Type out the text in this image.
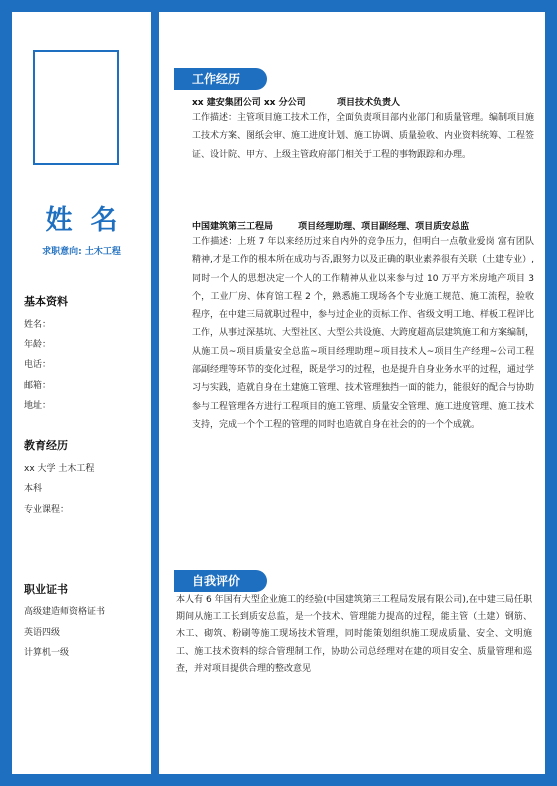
姓名
求职意向: 土木工程
基本资料
姓名：
年龄：
电话：
邮箱：
地址：
教育经历
xx 大学 土木工程
本科
专业课程：
职业证书
高级建造师资格证书
英语四级
计算机一级
工作经历
xx 建安集团公司 xx 分公司          项目技术负责人
工作描述：主管项目施工技术工作，全面负责项目部内业部门和质量管理。编制项目施工技术方案、图纸会审、施工进度计划、施工协调、质量验收、内业资料统筹、工程签证、设计院、甲方、上级主管政府部门相关于工程的事物跟踪和办理。
中国建筑第三工程局        项目经理助理、项目副经理、项目质安总监
工作描述：上班 7 年以来经历过来自内外的竞争压力，但明白一点敬业爱岗 富有团队精神,才是工作的根本所在成功与否,跟努力以及正确的职业素养很有关联（土建专业）,同时一个人的思想决定一个人的工作精神从业以来参与过 10 万平方米房地产项目 3 个，工业厂房、体育馆工程 2 个，熟悉施工现场各个专业施工规范、施工流程，验收程序，在中建三局就职过程中，参与过企业的贡标工作、省级文明工地、样板工程评比工作，从事过深基坑、大型社区、大型公共设施、大跨度超高层建筑施工和方案编制，从施工员~项目质量安全总监~项目经理助理~项目技术人~项目生产经理~公司工程部副经理等环节的变化过程，既是学习的过程，也是提升自身业务水平的过程，通过学习与实践，造就自身在土建施工管理、技术管理独挡一面的能力，能很好的配合与协助参与工程管理各方进行工程项目的施工管理、质量安全管理、施工进度管理、施工技术支持，完成一个个工程的管理的同时也造就自身在社会的的一个个成就。
自我评价
本人有 6 年国有大型企业施工的经验(中国建筑第三工程局发展有限公司),在中建三局任职期间从施工工长到质安总监，是一个技术、管理能力提高的过程，能主管（土建）钢筋、木工、砌筑、粉刷等施工现场技术管理，同时能策划组织施工现成质量、安全、文明施工、施工技术资料的综合管理制工作，协助公司总经理对在建的项目安全、质量管理和巡查，并对项目提供合理的整改意见
